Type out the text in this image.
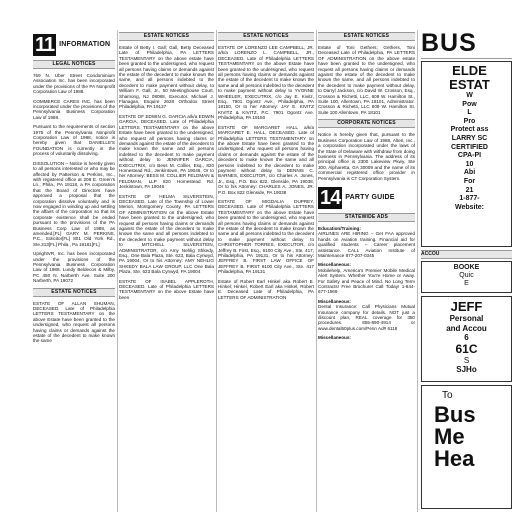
11 INFORMATION
LEGAL NOTICES

769 N. Uber Street Condominium Association Inc. has been incorporated under the provisions of the PA Nonprofit Corporation Law of 1988.

COMMERCE CARES INC. has been incorporated under the provisions of the Pennsylvania Business Corporation Law of 1988.

Pursuant to the requirements of section 1975 of the Pennsylvania Nonprofit Corporation Law of 1988, notice is hereby given that DANIELLE'S FOUNDATION is currently in the process of voluntarily dissolving.

DISSOLUTION – Notice is hereby given to all persons interested or who may be affected by Patterson & Perkins, Inc., with registered office at 208 E. Green's Ln., Phila., PA 19118, a PA corporation that the Board of Directors have approved a proposal that the corporation dissolve voluntarily and is now engaged in winding up and settling the affairs of the corporation so that its corporate existence shall be ended pursuant to the provisions of the PA Business Corp Law of 1988, as amended.[FL] GARY M. PERKINS, P.C., Solicitor[FL] 801 Old York Rd., Ste.313[FL] Phila., Pa 19181[FL]

UprightVR, Inc. has been incorporated under the provisions of the Pennsylvania Business Corporation Law of 1988. Lundy Beldecos & Milby, PC 450 N. Narberth Ave. Suite 200 Narberth, PA 19072

ESTATE NOTICES

ESTATE OF ALLAN SHUMAN, DECEASED. Late of Philadelphia LETTERS TESTAMENTARY on the above Estate have been granted to the undersigned, who request all persons having claims or demands against the estate of the decedent to make known the same

ESTATE NOTICES

Estate of Betty I. Gall; Gall, Betty Deceased Late of Philadelphia, PA LETTERS TESTAMENTARY on the above estate have been granted to the undersigned, who request all persons having claims or demands against the estate of the decedent to make known the same, and all persons indebted to the decedent to make payment without delay, to William F. Gall, Jr., 50 Meetinghouse Court, Shamong, NJ 08088, Executor. Michael J. Flanagan, Esquire 2628 Orthodox Street Philadelphia, PA 19137

ESTATE OF EDWIN G. GARCIA a/k/a EDWIN GARCIA, DECEASED. Late of Philadelphia LETTERS TESTAMENTARY on the above Estate have been granted to the undersigned, who request all persons having claims or demands against the estate of the decedent to make known the same and all persons indebted to the decedent to make payment without delay to JENNIFER GARCIA, EXECUTRIX, c/o Bess M. Collier, Esq., 820 Homestead Rd., Jenkintown, PA 19046, Or to her Attorney: BESS M. COLLIER FELDMAN & FELDMAN, LLP 820 Homestead Rd. Jenkintown, PA 19046

ESTATE OF HELMA SILVERSTEIN, DECEASED. Late of the Township of Lower Merion, Montgomery County, PA LETTERS OF ADMINISTRATION on the above Estate have been granted to the undersigned, who request all persons having claims or demands against the estate of the decedent to make known the same and all persons indebted to the decedent to make payment without delay to MITCHELL SILVERSTEIN, ADMINISTRATOR, c/o Amy Nehlig Shkedy, Esq., One Bala Plaza, Ste. 623, Bala Cynwyd, PA 19004, Or to his Attorney: AMY NEHLIG SHKEDY BALA LAW GROUP, LLC One Bala Plaza, Ste. 623 Bala Cynwyd, PA 19004

ESTATE OF ISABEL APPLEROTH, DECEASED. Late of Philadelphia LETTERS TESTAMENTARY on the above Estate have been

ESTATE NOTICES

ESTATE OF LORENZO LEE CAMPBELL, JR. a/k/a LORENZO L. CAMPBELL, JR., DECEASED. Late of Philadelphia LETTERS TESTAMENTARY on the above Estate have been granted to the undersigned, who request all persons having claims or demands against the estate of the decedent to make known the same and all persons indebted to the decedent to make payment without delay to YVONNE WHEELER, EXECUTRIX, c/o Jay E. Kivitz, Esq., 7901 Ogontz Ave., Philadelphia, PA 19150, Or to her Attorney: JAY E. KIVITZ KIVITZ & KIVITZ, P.C. 7901 Ogontz Ave. Philadelphia, PA 19150

ESTATE OF MARGARET HALL a/k/a MARGARET E. HALL, DECEASED. Late of Philadelphia LETTERS TESTAMENTARY on the above Estate have been granted to the undersigned, who request all persons having claims or demands against the estate of the decedent to make known the same and all persons indebted to the decedent to make payment without delay to DENNIS C. BARNES, EXECUTOR, c/o Charles A. Jones, Jr., Esq., P.O. Box 822, Glenside, PA 19038, Or to his Attorney: CHARLES A. JONES, JR. P.O. Box 822 Glenside, PA 19038

ESTATE OF MIGDALIA DUPREY, DECEASED. Late of Philadelphia LETTERS TESTAMENTARY on the above Estate have been granted to the undersigned, who request all persons having claims or demands against the estate of the decedent to make known the same and all persons indebted to the decedent to make payment without delay to CHRISTOPHER TORRES, EXECUTOR, c/o Jeffrey B. First, Esq., 6100 City Ave., Ste. 417, Philadelphia, PA 19131, Or to his Attorney: JEFFREY B. FIRST LAW OFFICE OF JEFFREY B. FIRST 6100 City Ave., Ste. 417 Philadelphia, PA 19131

Estate of Robert Earl Hinkel aka Robert E. Hinkel; Hinkel, Robert Earl aka Hinkel, Robert E. Deceased Late of Philadelphia, PA LETTERS OF ADMINISTRATION

ESTATE NOTICES

Estate of Toni Gethers; Gethers, Toni Deceased Late of Philadelphia, PA LETTERS OF ADMINISTRATION on the above estate have been granted to the undersigned, who request all persons having claims or demands against the estate of the decedent to make known the same, and all persons indebted to the decedent to make payment without delay, to Darryl Jackson, c/o David W. Crosson, Esq., Crosson & Richetti, LLC, 609 W. Hamilton St., Suite 100, Allentown, PA 18101, Administrator. Crosson & Richetti, LLC 609 W. Hamilton St. Suite 100 Allentown, PA 18101

CORPORATE NOTICES

Notice is hereby given that, pursuant to the Business Corporation Law of 1988, Alteri, Inc., a corporation incorporated under the laws of the State of Delaware with withdraw from doing business in Pennsylvania. The address of its principal office is 2300 Lakeview Pkwy, Ste 300, Alpharetta, GA 30009 and the name of its commercial registered office provider in Pennsylvania is CT Corporation System.

14 PARTY GUIDE
STATEWIDE ADS
Education/Training:

AIRLINES ARE HIRING – Get FAA approved hands on Aviation training. Financial aid for qualified students – Career placement assistance. CALL Aviation Institute of Maintenance 877-207-0345

Miscellaneous:

Mobilehelp, America's Premier Mobile Medical Alert System. Whether You're Home or Away. For Safety and Peace of Mind. No Long Term Contracts! Free Brochure! Call Today! 1-844-677-1569

Miscellaneous:

Dental Insurance: Call Physicians Mutual Insurance company for details. NOT just a discount plan, REAL coverage for 350 procedures. 855-890-4914 or www.dental50plus.com/Penn Ad# 6118

Miscellaneous:
BUS
ELDE
ESTAT
W
Pow
L
Pro
Protect ass
LARRY SC
CERTIFIED
CPA-PI
10
Abi
For
21
1-877-
Website:
ACCOU
BOOKE
Quic
E
JEFF
Personal
and Accou
6
61C
S
SJHo
To
Bus
Me
Hea
